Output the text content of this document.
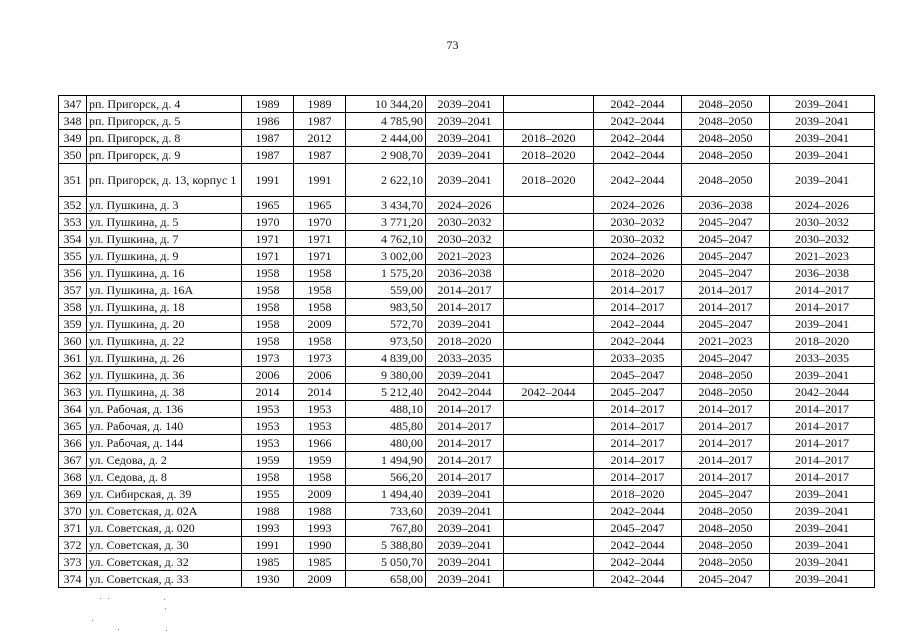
73
347	рп. Пригорск, д. 4	1989	1989	10 344,20	2039–2041		2042–2044	2048–2050	2039–2041
348	рп. Пригорск, д. 5	1986	1987	4 785,90	2039–2041		2042–2044	2048–2050	2039–2041
349	рп. Пригорск, д. 8	1987	2012	2 444,00	2039–2041	2018–2020	2042–2044	2048–2050	2039–2041
350	рп. Пригорск, д. 9	1987	1987	2 908,70	2039–2041	2018–2020	2042–2044	2048–2050	2039–2041
351	рп. Пригорск, д. 13, корпус 1	1991	1991	2 622,10	2039–2041	2018–2020	2042–2044	2048–2050	2039–2041
352	ул. Пушкина, д. 3	1965	1965	3 434,70	2024–2026		2024–2026	2036–2038	2024–2026
353	ул. Пушкина, д. 5	1970	1970	3 771,20	2030–2032		2030–2032	2045–2047	2030–2032
354	ул. Пушкина, д. 7	1971	1971	4 762,10	2030–2032		2030–2032	2045–2047	2030–2032
355	ул. Пушкина, д. 9	1971	1971	3 002,00	2021–2023		2024–2026	2045–2047	2021–2023
356	ул. Пушкина, д. 16	1958	1958	1 575,20	2036–2038		2018–2020	2045–2047	2036–2038
357	ул. Пушкина, д. 16А	1958	1958	559,00	2014–2017		2014–2017	2014–2017	2014–2017
358	ул. Пушкина, д. 18	1958	1958	983,50	2014–2017		2014–2017	2014–2017	2014–2017
359	ул. Пушкина, д. 20	1958	2009	572,70	2039–2041		2042–2044	2045–2047	2039–2041
360	ул. Пушкина, д. 22	1958	1958	973,50	2018–2020		2042–2044	2021–2023	2018–2020
361	ул. Пушкина, д. 26	1973	1973	4 839,00	2033–2035		2033–2035	2045–2047	2033–2035
362	ул. Пушкина, д. 36	2006	2006	9 380,00	2039–2041		2045–2047	2048–2050	2039–2041
363	ул. Пушкина, д. 38	2014	2014	5 212,40	2042–2044	2042–2044	2045–2047	2048–2050	2042–2044
364	ул. Рабочая, д. 136	1953	1953	488,10	2014–2017		2014–2017	2014–2017	2014–2017
365	ул. Рабочая, д. 140	1953	1953	485,80	2014–2017		2014–2017	2014–2017	2014–2017
366	ул. Рабочая, д. 144	1953	1966	480,00	2014–2017		2014–2017	2014–2017	2014–2017
367	ул. Седова, д. 2	1959	1959	1 494,90	2014–2017		2014–2017	2014–2017	2014–2017
368	ул. Седова, д. 8	1958	1958	566,20	2014–2017		2014–2017	2014–2017	2014–2017
369	ул. Сибирская, д. 39	1955	2009	1 494,40	2039–2041		2018–2020	2045–2047	2039–2041
370	ул. Советская, д. 02А	1988	1988	733,60	2039–2041		2042–2044	2048–2050	2039–2041
371	ул. Советская, д. 020	1993	1993	767,80	2039–2041		2045–2047	2048–2050	2039–2041
372	ул. Советская, д. 30	1991	1990	5 388,80	2039–2041		2042–2044	2048–2050	2039–2041
373	ул. Советская, д. 32	1985	1985	5 050,70	2039–2041		2042–2044	2048–2050	2039–2041
374	ул. Советская, д. 33	1930	2009	658,00	2039–2041		2042–2044	2045–2047	2039–2041
